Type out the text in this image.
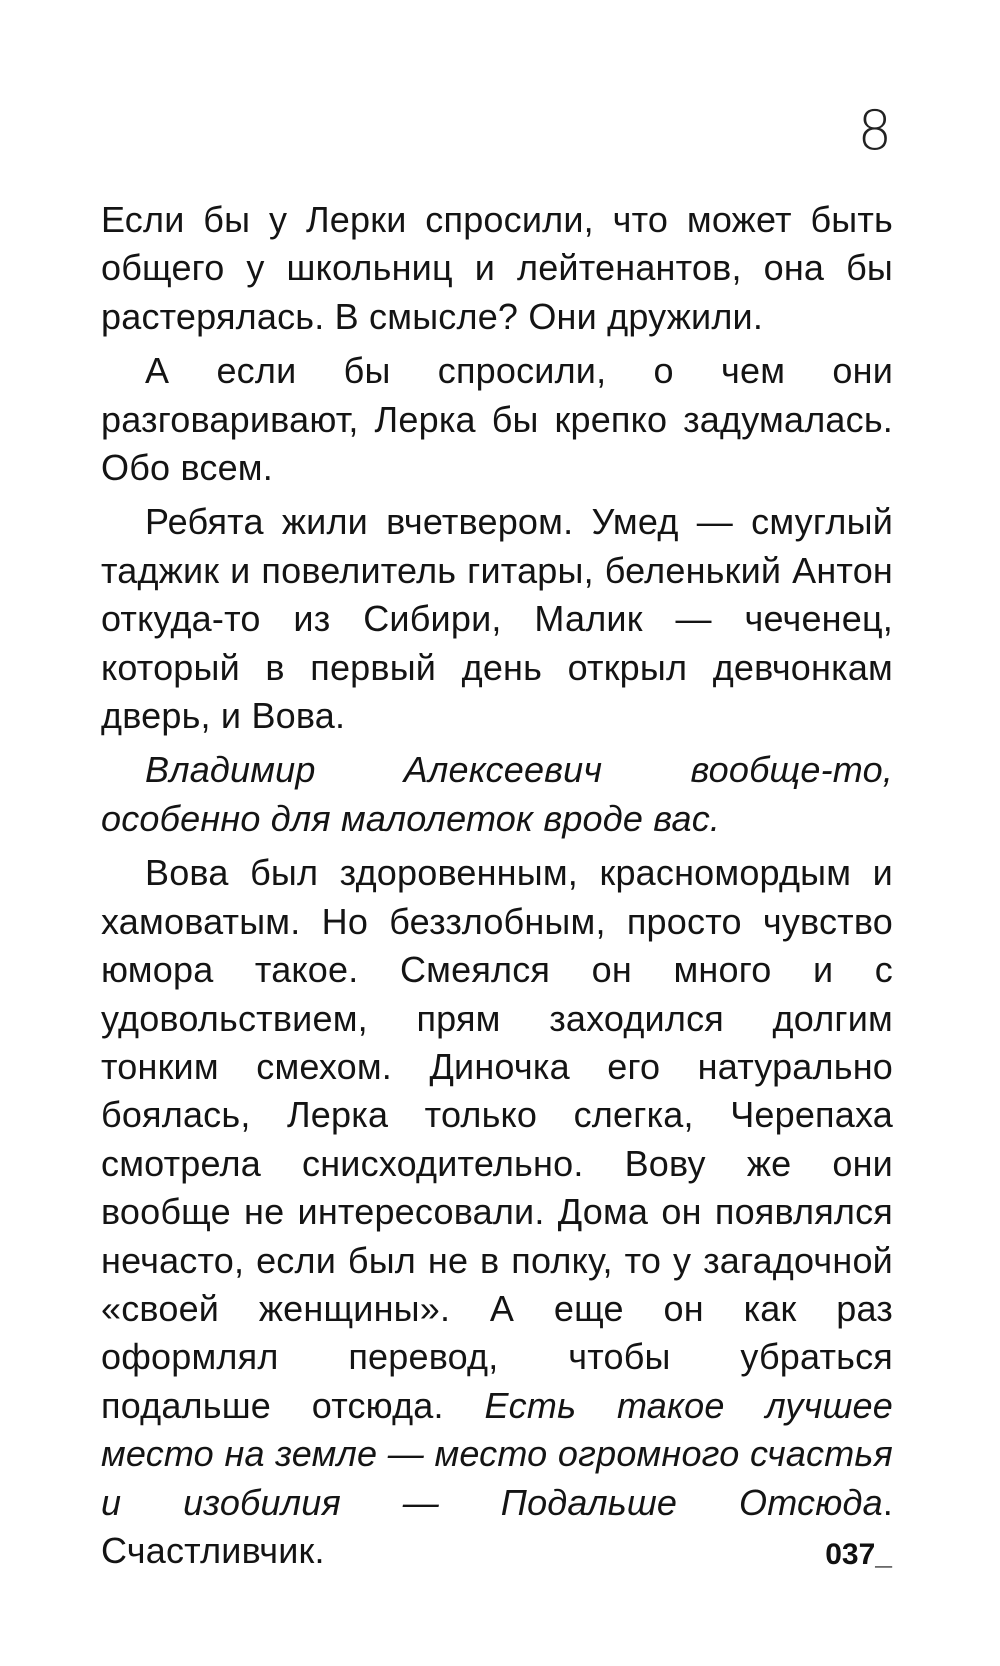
8

Если бы у Лерки спросили, что может быть общего у школьниц и лейтенантов, она бы растерялась. В смысле? Они дружили.

А если бы спросили, о чем они разговаривают, Лерка бы крепко задумалась. Обо всем.

Ребята жили вчетвером. Умед — смуглый таджик и повелитель гитары, беленький Антон откуда-то из Сибири, Малик — чеченец, который в первый день открыл девчонкам дверь, и Вова.

Владимир Алексеевич вообще-то, особенно для малолеток вроде вас.

Вова был здоровенным, красномордым и хамоватым. Но беззлобным, просто чувство юмора такое. Смеялся он много и с удовольствием, прям заходился долгим тонким смехом. Диночка его натурально боялась, Лерка только слегка, Черепаха смотрела снисходительно. Вову же они вообще не интересовали. Дома он появлялся нечасто, если был не в полку, то у загадочной «своей женщины». А еще он как раз оформлял перевод, чтобы убраться подальше отсюда. Есть такое лучшее место на земле — место огромного счастья и изобилия — Подальше Отсюда. Счастливчик.	037_
